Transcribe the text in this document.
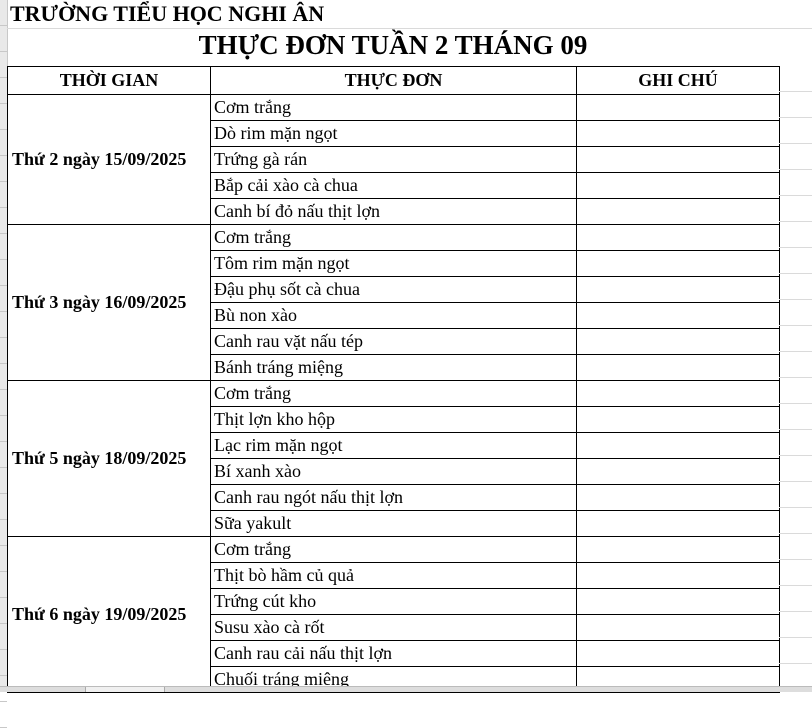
TRƯỜNG TIỂU HỌC NGHI ÂN
THỰC ĐƠN TUẦN 2 THÁNG 09
THỜI GIAN	THỰC ĐƠN	GHI CHÚ
Thứ 2 ngày 15/09/2025	Cơm trắng	
	Dò rim mặn ngọt	
	Trứng gà rán	
	Bắp cải xào cà chua	
	Canh bí đỏ nấu thịt lợn	
Thứ 3 ngày 16/09/2025	Cơm trắng	
	Tôm rim mặn ngọt	
	Đậu phụ sốt cà chua	
	Bù non xào	
	Canh rau vặt nấu tép	
	Bánh tráng miệng	
Thứ 5 ngày 18/09/2025	Cơm trắng	
	Thịt lợn kho hộp	
	Lạc rim mặn ngọt	
	Bí xanh xào	
	Canh rau ngót nấu thịt lợn	
	Sữa yakult	
Thứ 6 ngày 19/09/2025	Cơm trắng	
	Thịt bò hầm củ quả	
	Trứng cút kho	
	Susu xào cà rốt	
	Canh rau cải nấu thịt lợn	
	Chuối tráng miệng	
